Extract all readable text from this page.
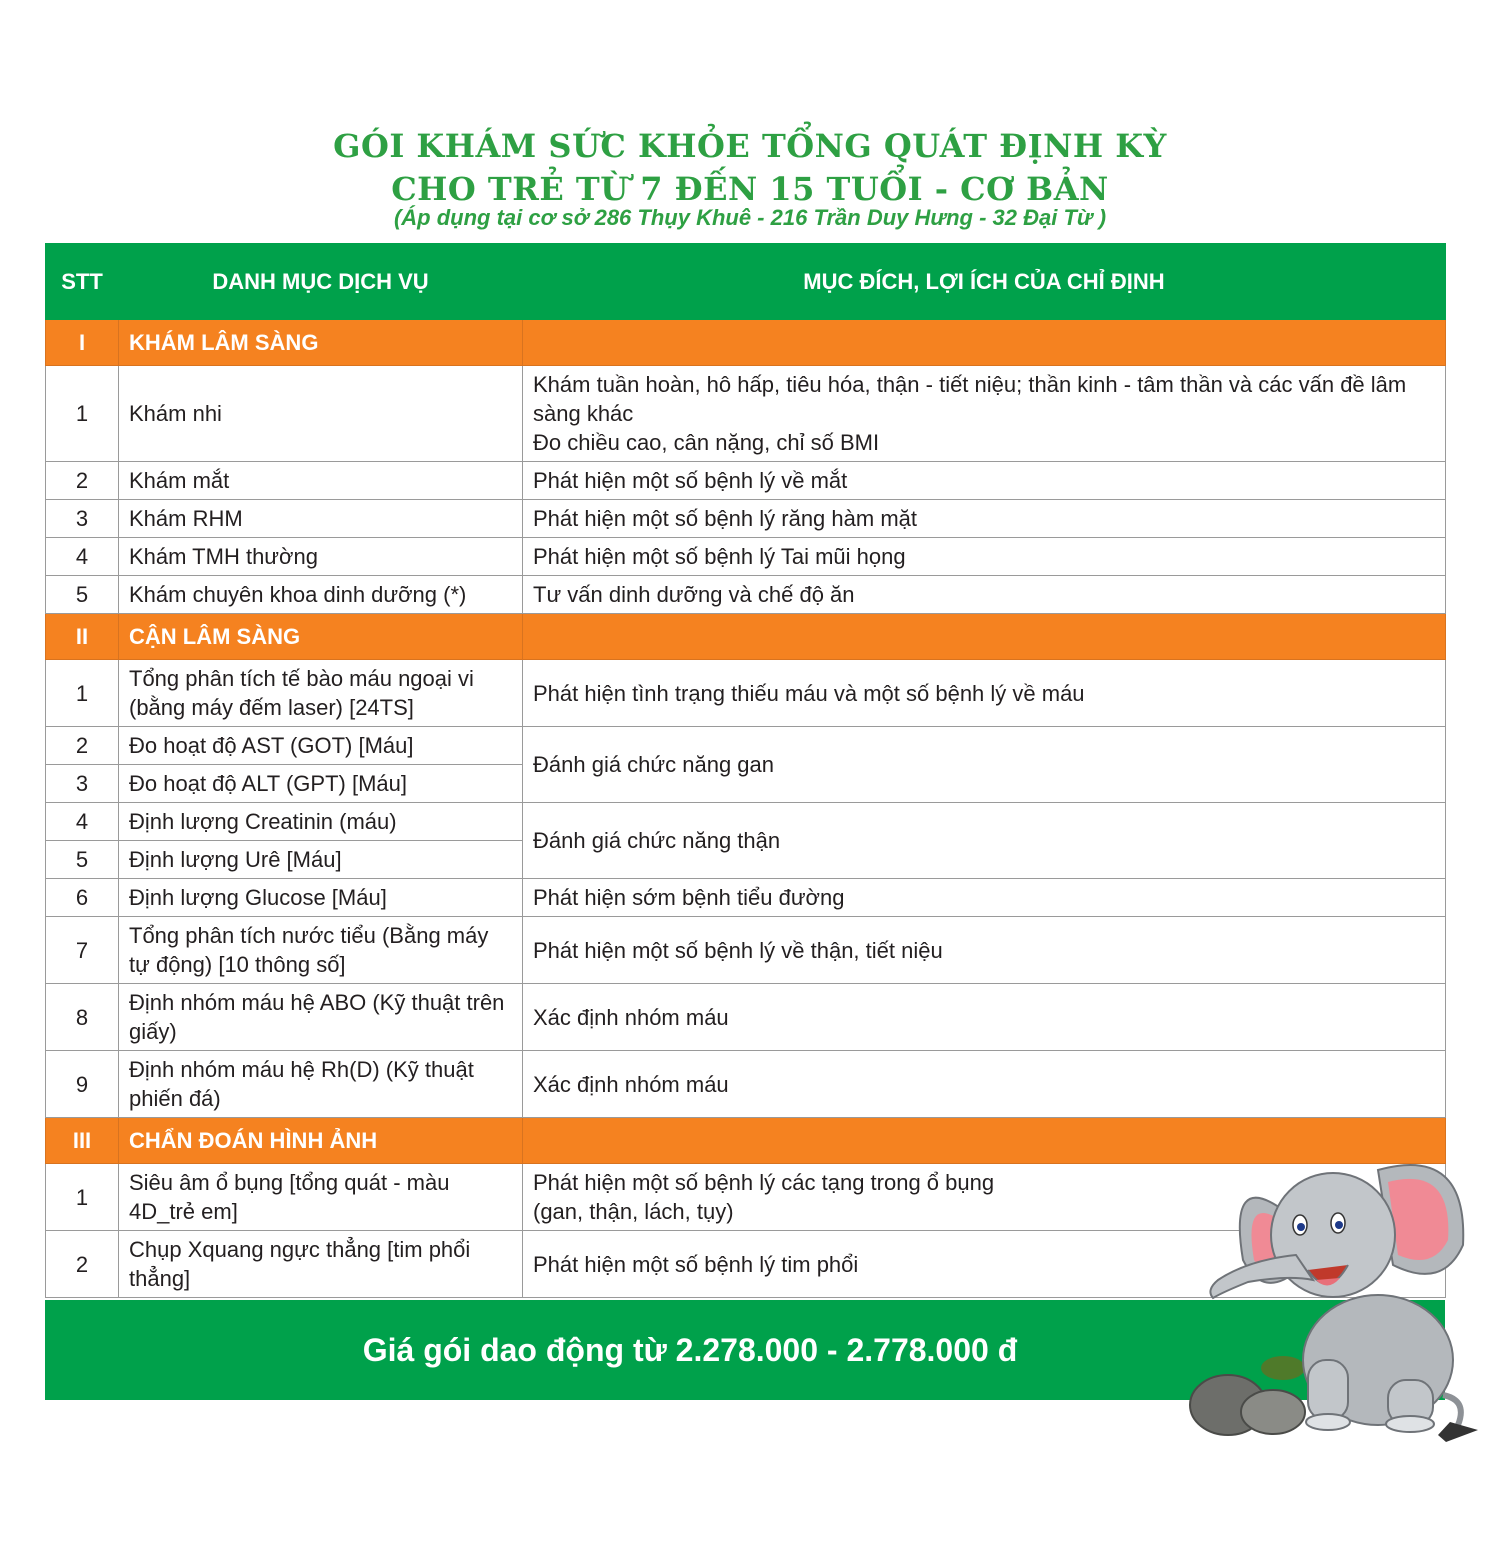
GÓI KHÁM SỨC KHỎE TỔNG QUÁT ĐỊNH KỲ
CHO TRẺ TỪ 7 ĐẾN 15 TUỔI - CƠ BẢN
(Áp dụng tại cơ sở 286 Thụy Khuê - 216 Trần Duy Hưng - 32 Đại Từ )
STT	DANH MỤC DỊCH VỤ	MỤC ĐÍCH, LỢI ÍCH CỦA CHỈ ĐỊNH
I	KHÁM LÂM SÀNG	
1	Khám nhi	Khám tuần hoàn, hô hấp, tiêu hóa, thận - tiết niệu; thần kinh - tâm thần và các vấn đề lâm sàng khác
Đo chiều cao, cân nặng, chỉ số BMI

2	Khám mắt	Phát hiện một số bệnh lý về mắt
3	Khám RHM	Phát hiện một số bệnh lý răng hàm mặt
4	Khám TMH thường	Phát hiện một số bệnh lý Tai mũi họng
5	Khám chuyên khoa dinh dưỡng (*)	Tư vấn dinh dưỡng và chế độ ăn
II	CẬN LÂM SÀNG	
1	Tổng phân tích tế bào máu ngoại vi (bằng máy đếm laser) [24TS]	Phát hiện tình trạng thiếu máu và một số bệnh lý về máu
2	Đo hoạt độ AST (GOT) [Máu]	Đánh giá chức năng gan
3	Đo hoạt độ ALT (GPT) [Máu]	
4	Định lượng Creatinin (máu)	Đánh giá chức năng thận
5	Định lượng Urê [Máu]	
6	Định lượng Glucose [Máu]	Phát hiện sớm bệnh tiểu đường
7	Tổng phân tích nước tiểu (Bằng máy tự động) [10 thông số]	Phát hiện một số bệnh lý về thận, tiết niệu
8	Định nhóm máu hệ ABO (Kỹ thuật trên giấy)	Xác định nhóm máu
9	Định nhóm máu hệ Rh(D) (Kỹ thuật phiến đá)	Xác định nhóm máu
III	CHẨN ĐOÁN HÌNH ẢNH	
1	Siêu âm ổ bụng [tổng quát - màu 4D_trẻ em]	Phát hiện một số bệnh lý các tạng trong ổ bụng
(gan, thận, lách, tụy)

2	Chụp Xquang ngực thẳng [tim phổi thẳng]	Phát hiện một số bệnh lý tim phổi
Giá gói dao động từ 2.278.000 - 2.778.000 đ
